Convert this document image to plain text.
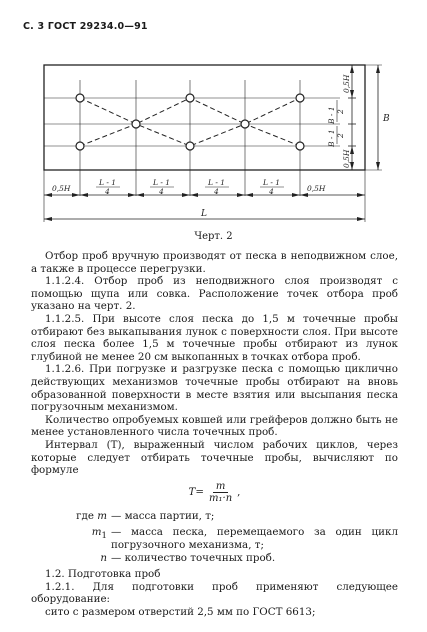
С. 3 ГОСТ 29234.0—91
0,5H	0,5H
L - 1
4
L - 1
4
L - 1
4
L - 1
4
L
B
0,5H
0,5H
B - 1 2
B - 1 2
Черт. 2

Отбор проб вручную производят от песка в неподвижном слое, а также в процессе перегрузки.

1.1.2.4. Отбор проб из неподвижного слоя производят с помощью щупа или совка. Расположение точек отбора проб указано на черт. 2.

1.1.2.5. При высоте слоя песка до 1,5 м точечные пробы отбирают без выкапывания лунок с поверхности слоя. При высоте слоя песка более 1,5 м точечные пробы отбирают из лунок глубиной не менее 20 см выкопанных в точках отбора проб.

1.1.2.6. При погрузке и разгрузке песка с помощью циклично действующих механизмов точечные пробы отбирают на вновь образованной поверхности в месте взятия или высыпания песка погрузочным механизмом.

Количество опробуемых ковшей или грейферов должно быть не менее установленного числа точечных проб.

Интервал (T), выраженный числом рабочих циклов, через которые следует отбирать точечные пробы, вычисляют по формуле

$T= \frac{m}{\text{m₁·n}}$ ,
где m — масса партии, т;
$m_1$ — масса песка, перемещаемого за один цикл погрузочного механизма, т;
n — количество точечных проб.

1.2. Подготовка проб

1.2.1. Для подготовки проб применяют следующее оборудование:

сито с размером отверстий 2,5 мм по ГОСТ 6613;
